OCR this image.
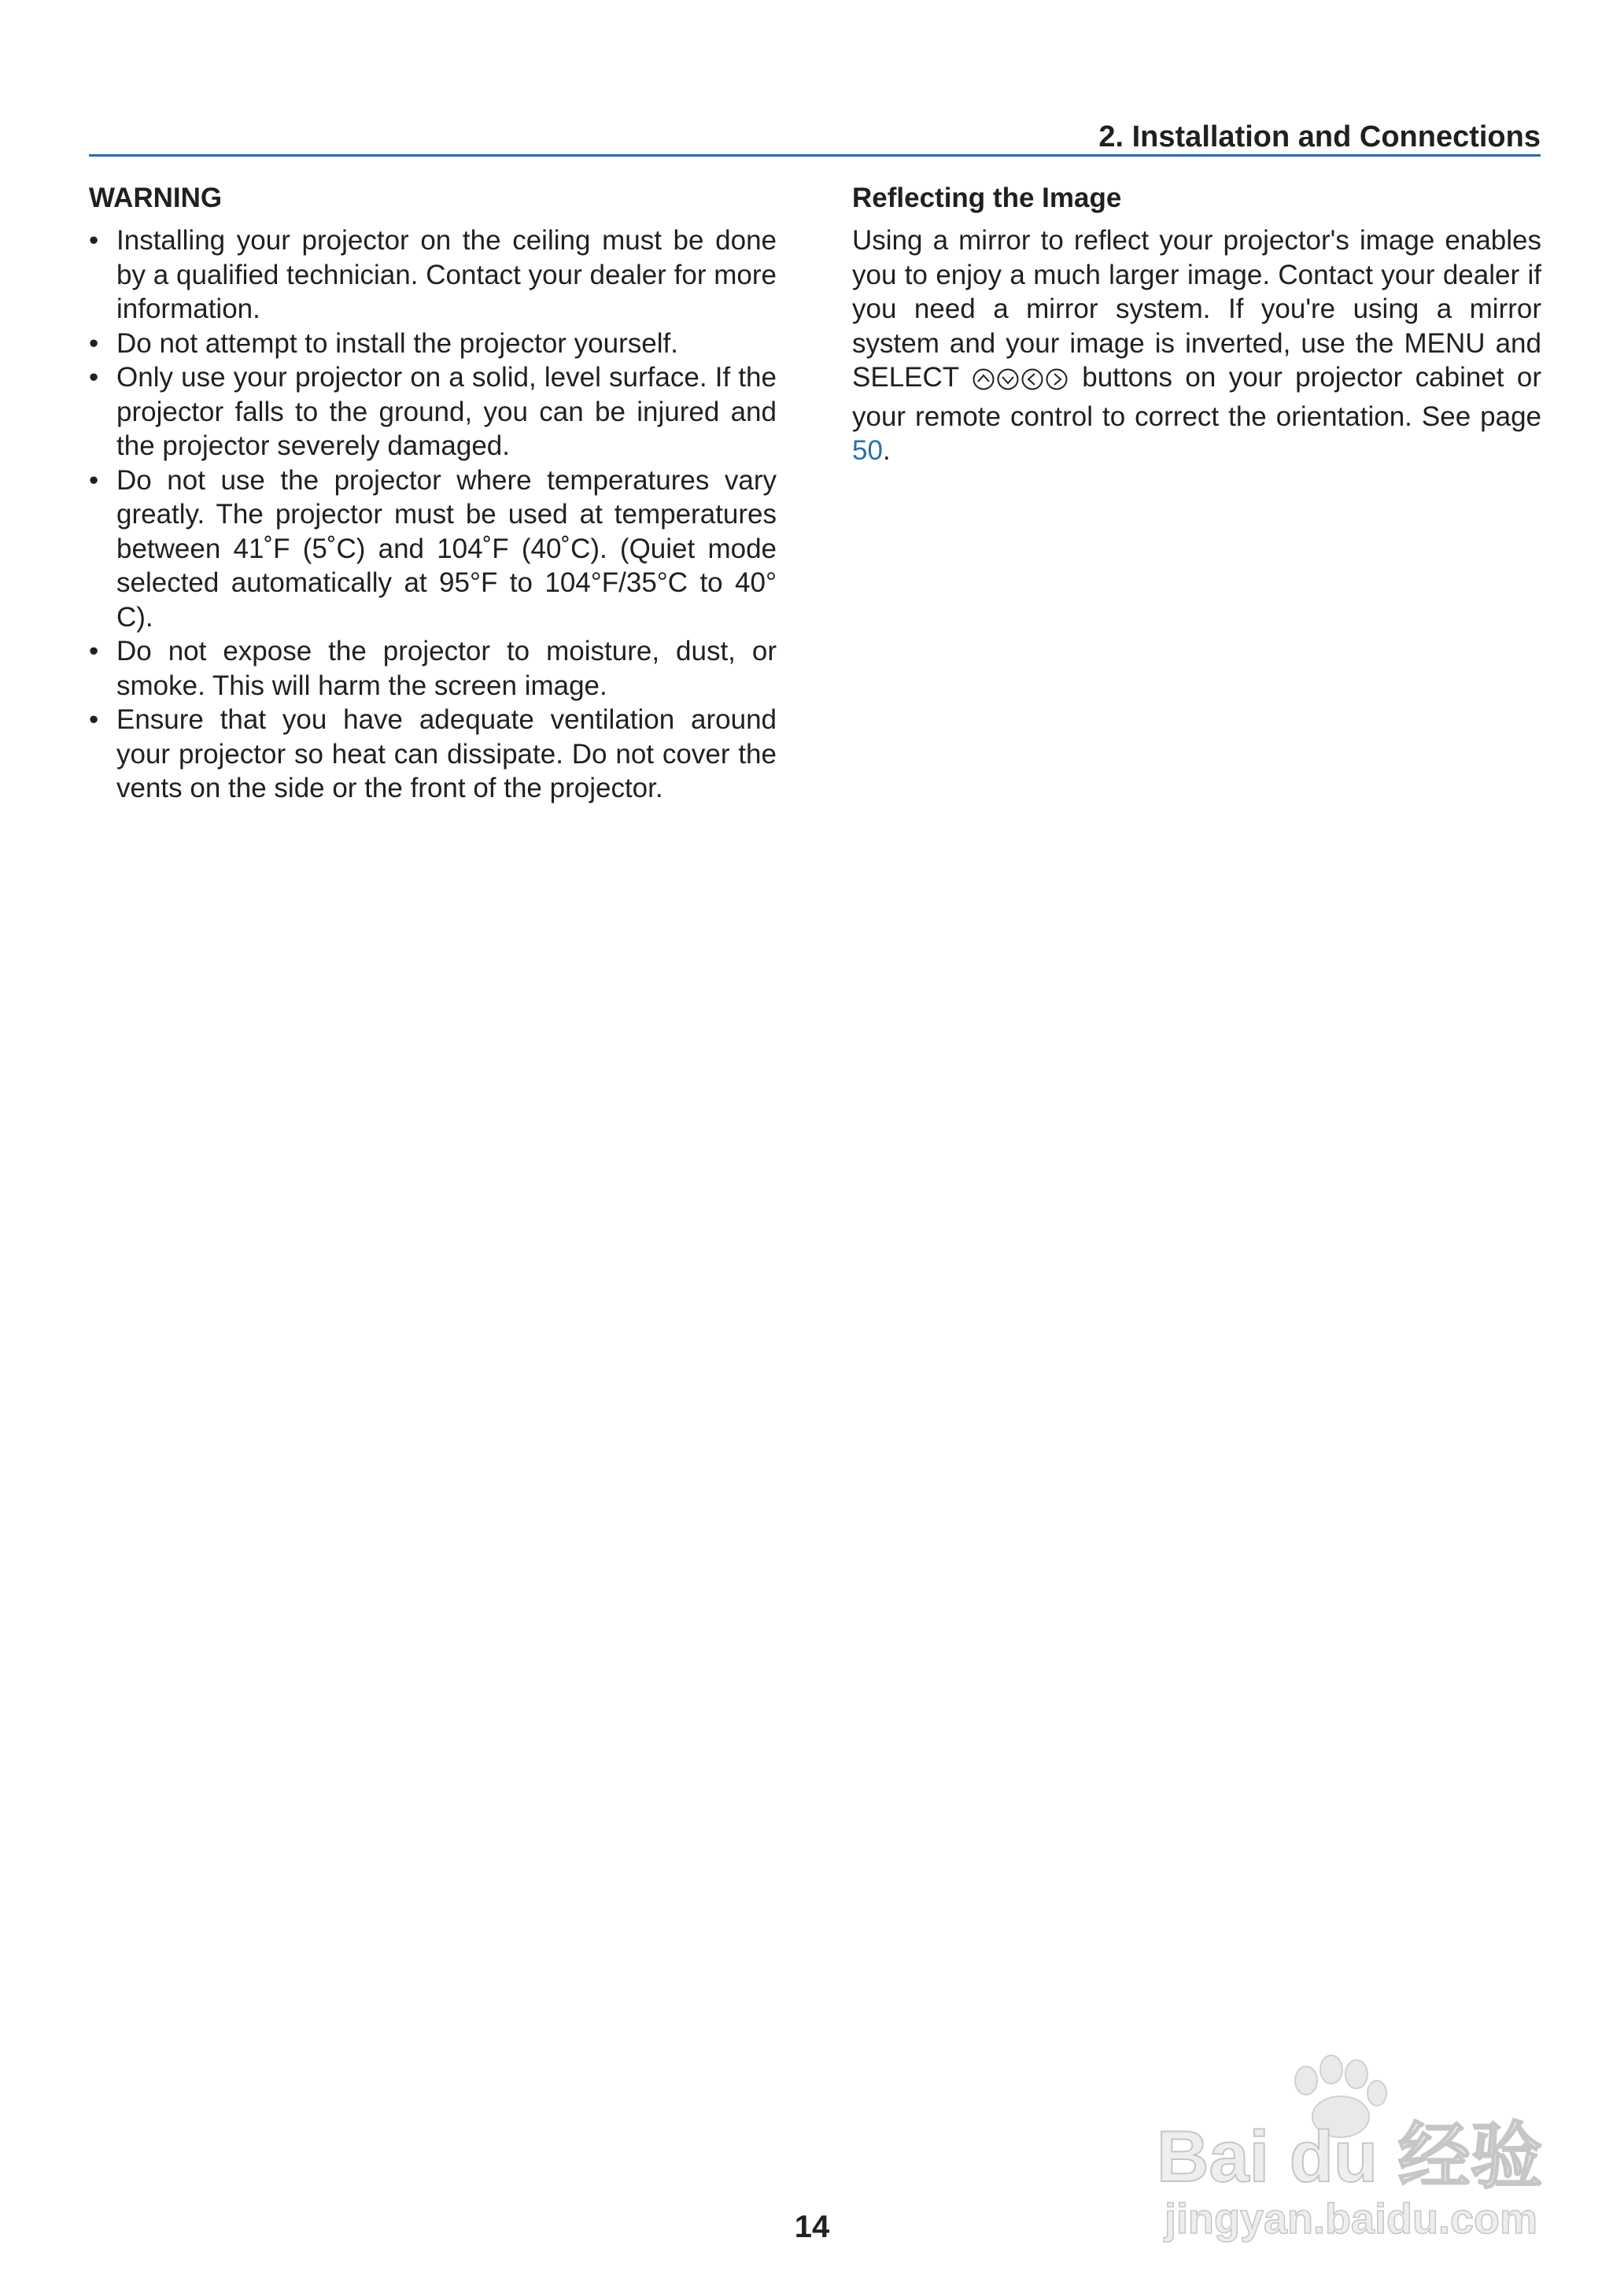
2. Installation and Connections
WARNING
• Installing your projector on the ceiling must be done by a qualified technician. Contact your dealer for more information.
• Do not attempt to install the projector yourself.
• Only use your projector on a solid, level surface. If the projector falls to the ground, you can be injured and the projector severely damaged.
• Do not use the projector where temperatures vary greatly. The projector must be used at temperatures between 41˚F (5˚C) and 104˚F (40˚C). (Quiet mode selected automatically at 95°F to 104°F/35°C to 40° C).
• Do not expose the projector to moisture, dust, or smoke. This will harm the screen image.
• Ensure that you have adequate ventilation around your projector so heat can dissipate. Do not cover the vents on the side or the front of the projector.
Reflecting the Image

Using a mirror to reflect your projector's image enables you to enjoy a much larger image. Contact your dealer if you need a mirror system. If you're using a mirror system and your image is inverted, use the MENU and SELECT	buttons on your projector cabinet or your remote control to correct the orientation. See page 50.

14
Bai du 经验
jingyan.baidu.com
